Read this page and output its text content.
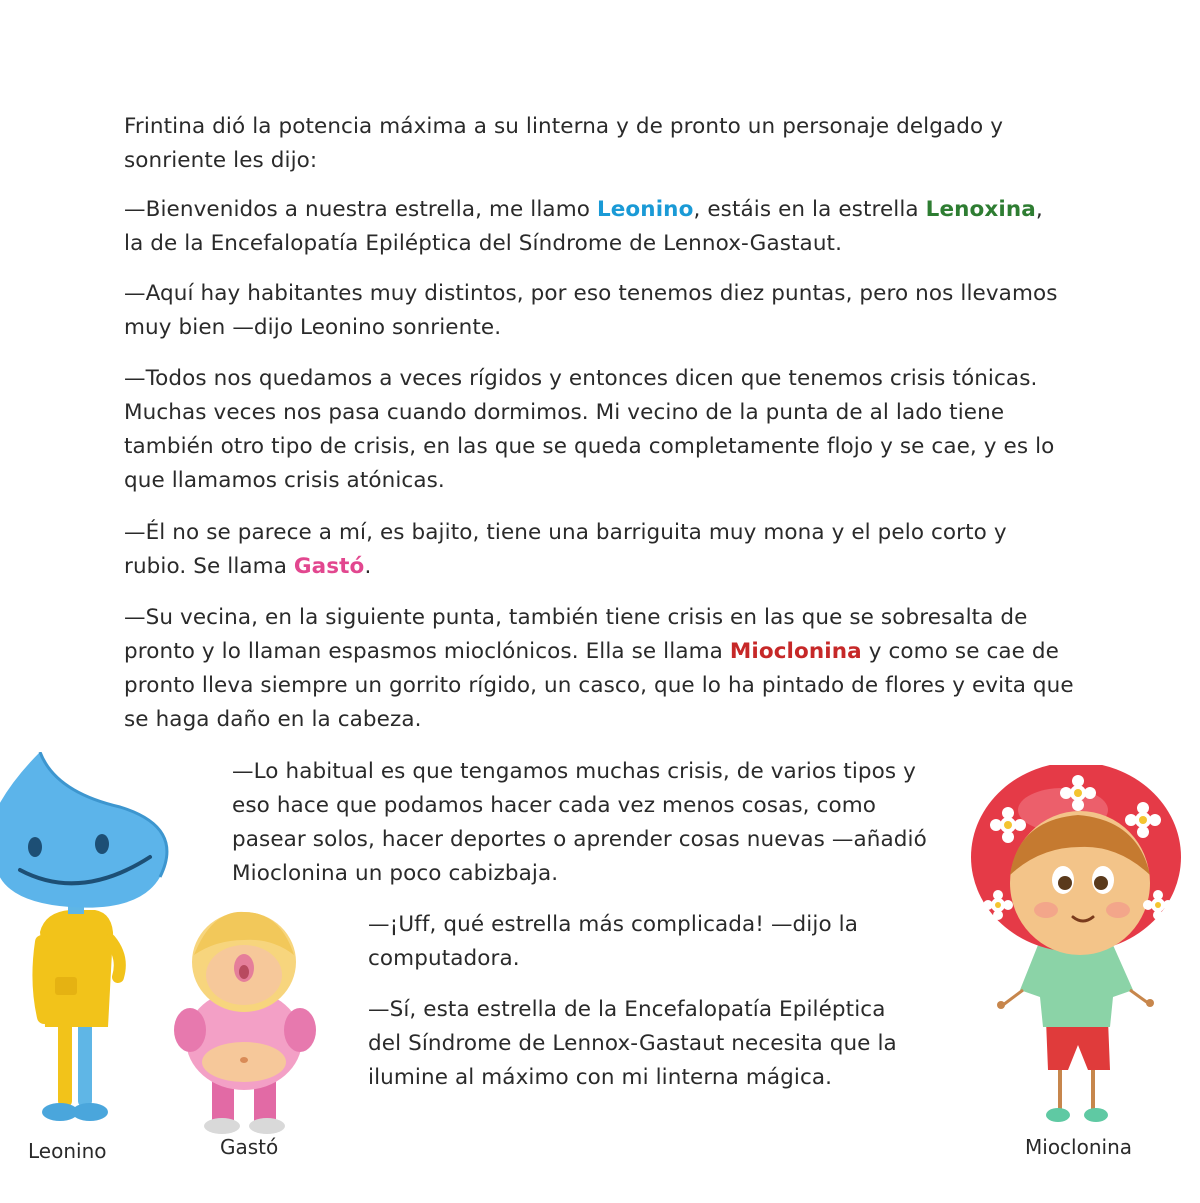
Frintina dió la potencia máxima a su linterna y de pronto un personaje delgado y sonriente les dijo:

—Bienvenidos a nuestra estrella, me llamo Leonino, estáis en la estrella Lenoxina, la de la Encefalopatía Epiléptica del Síndrome de Lennox-Gastaut.

—Aquí hay habitantes muy distintos, por eso tenemos diez puntas, pero nos llevamos muy bien —dijo Leonino sonriente.

—Todos nos quedamos a veces rígidos y entonces dicen que tenemos crisis tónicas. Muchas veces nos pasa cuando dormimos. Mi vecino de la punta de al lado tiene también otro tipo de crisis, en las que se queda completamente flojo y se cae, y es lo que llamamos crisis atónicas.

—Él no se parece a mí, es bajito, tiene una barriguita muy mona y el pelo corto y rubio. Se llama Gastó.

—Su vecina, en la siguiente punta, también tiene crisis en las que se sobresalta de pronto y lo llaman espasmos mioclónicos. Ella se llama Mioclonina y como se cae de pronto lleva siempre un gorrito rígido, un casco, que lo ha pintado de flores y evita que se haga daño en la cabeza.

—Lo habitual es que tengamos muchas crisis, de varios tipos y eso hace que podamos hacer cada vez menos cosas, como pasear solos, hacer deportes o aprender cosas nuevas —añadió Mioclonina un poco cabizbaja.

—¡Uff, qué estrella más complicada! —dijo la computadora.

—Sí, esta estrella de la Encefalopatía Epiléptica del Síndrome de Lennox-Gastaut necesita que la ilumine al máximo con mi linterna mágica.

Leonino	Gastó	Mioclonina
